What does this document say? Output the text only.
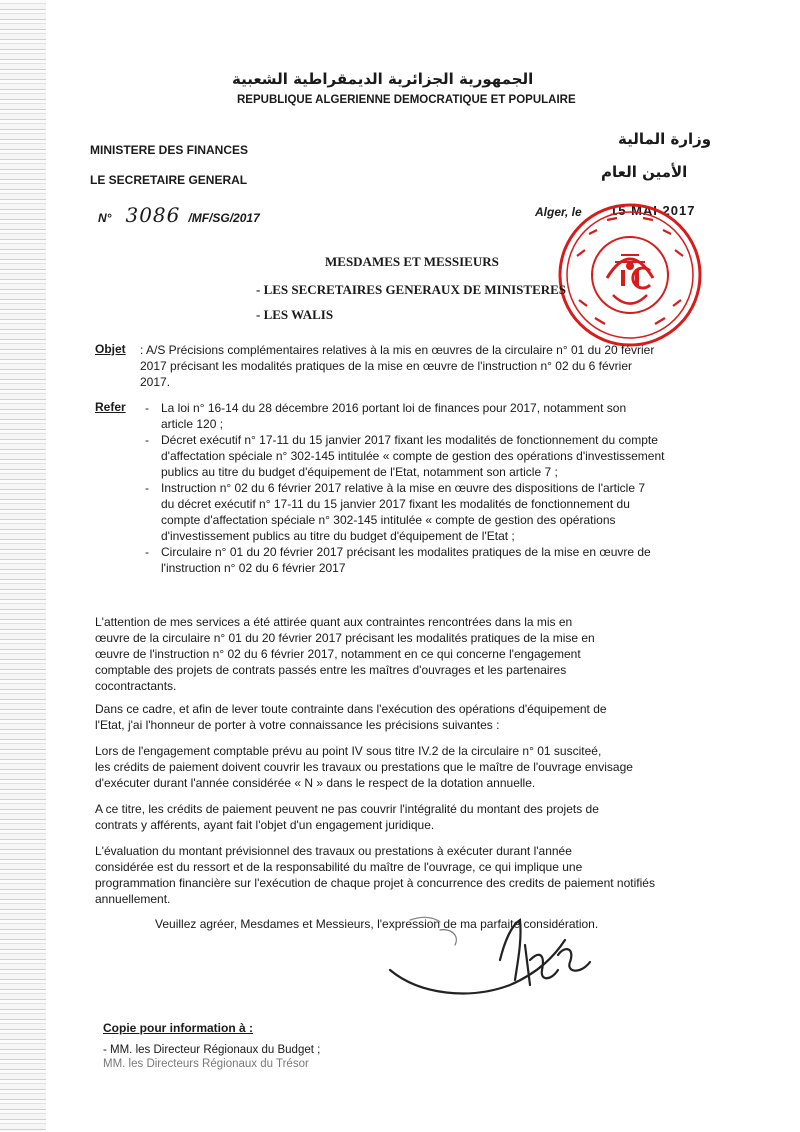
الجمهورية الجزائرية الديمقراطية الشعبية
REPUBLIQUE ALGERIENNE DEMOCRATIQUE ET POPULAIRE
MINISTERE DES FINANCES
LE SECRETAIRE GENERAL
وزارة المالية
الأمين العام
N° 3086 /MF/SG/2017	Alger, le 15 MAI 2017
MESDAMES ET MESSIEURS
- LES SECRETAIRES GENERAUX DE MINISTERES
- LES WALIS
Objet : A/S Précisions complémentaires relatives à la mis en œuvres de la circulaire n° 01 du 20 février
2017 précisant les modalités pratiques de la mise en œuvre de l'instruction n° 02 du 6 février
2017.
Refer
-	La loi n° 16-14 du 28 décembre 2016 portant loi de finances pour 2017, notamment son
article 120 ;
- Décret exécutif n° 17-11 du 15 janvier 2017 fixant les modalités de fonctionnement du compte
d'affectation spéciale n° 302-145 intitulée « compte de gestion des opérations d'investissement
publics au titre du budget d'équipement de l'Etat, notamment son article 7 ;
- Instruction n° 02 du 6 février 2017 relative à la mise en œuvre des dispositions de l'article 7
du décret exécutif n° 17-11 du 15 janvier 2017 fixant les modalités de fonctionnement du
compte d'affectation spéciale n° 302-145 intitulée « compte de gestion des opérations
d'investissement publics au titre du budget d'équipement de l'Etat ;
- Circulaire n° 01 du 20 février 2017 précisant les modalites pratiques de la mise en œuvre de
l'instruction n° 02 du 6 février 2017
L'attention de mes services a été attirée quant aux contraintes rencontrées dans la mis en
œuvre de la circulaire n° 01 du 20 février 2017 précisant les modalités pratiques de la mise en
œuvre de l'instruction n° 02 du 6 février 2017, notamment en ce qui concerne l'engagement
comptable des projets de contrats passés entre les maîtres d'ouvrages et les partenaires
cocontractants.
Dans ce cadre, et afin de lever toute contrainte dans l'exécution des opérations d'équipement de
l'Etat, j'ai l'honneur de porter à votre connaissance les précisions suivantes :
Lors de l'engagement comptable prévu au point IV sous titre IV.2 de la circulaire n° 01 susciteé,
les crédits de paiement doivent couvrir les travaux ou prestations que le maître de l'ouvrage envisage
d'exécuter durant l'année considérée « N » dans le respect de la dotation annuelle.
A ce titre, les crédits de paiement peuvent ne pas couvrir l'intégralité du montant des projets de
contrats y afférents, ayant fait l'objet d'un engagement juridique.
L'évaluation du montant prévisionnel des travaux ou prestations à exécuter durant l'année
considérée est du ressort et de la responsabilité du maître de l'ouvrage, ce qui implique une
programmation financière sur l'exécution de chaque projet à concurrence des credits de paiement notifiés
annuellement.
Veuillez agréer, Mesdames et Messieurs, l'expression de ma parfaite considération.
Copie pour information à :
- MM. les Directeur Régionaux du Budget ;
MM. les Directeurs Régionaux du Trésor
